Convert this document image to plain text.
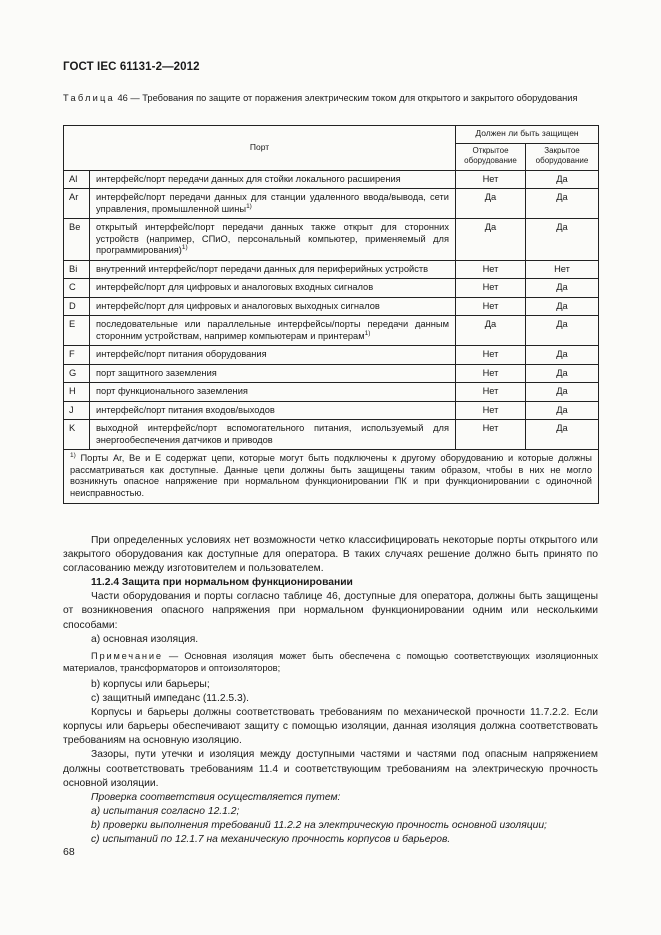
ГОСТ IEC 61131-2—2012
Таблица 46 — Требования по защите от поражения электрическим током для открытого и закрытого оборудования
Порт		Должен ли быть защищен	
		Открытое оборудование	Закрытое оборудование
Al	интерфейс/порт передачи данных для стойки локального расширения	Нет	Да
Ar	интерфейс/порт передачи данных для станции удаленного ввода/вывода, сети управления, промышленной шины$^{1)}$	Да	Да
Be	открытый интерфейс/порт передачи данных также открыт для сторонних устройств (например, СПиО, персональный компьютер, применяемый для программирования)$^{1)}$	Да	Да
Bi	внутренний интерфейс/порт передачи данных для периферийных устройств	Нет	Нет
C	интерфейс/порт для цифровых и аналоговых входных сигналов	Нет	Да
D	интерфейс/порт для цифровых и аналоговых выходных сигналов	Нет	Да
E	последовательные или параллельные интерфейсы/порты передачи данным сторонним устройствам, например компьютерам и принтерам$^{1)}$	Да	Да
F	интерфейс/порт питания оборудования	Нет	Да
G	порт защитного заземления	Нет	Да
H	порт функционального заземления	Нет	Да
J	интерфейс/порт питания входов/выходов	Нет	Да
K	выходной интерфейс/порт вспомогательного питания, используемый для энергообеспечения датчиков и приводов	Нет	Да
$^{1)}$ Порты Ar, Be и E содержат цепи, которые могут быть подключены к другому оборудованию и которые должны рассматриваться как доступные. Данные цепи должны быть защищены таким образом, чтобы в них не могло возникнуть опасное напряжение при нормальном функционировании ПК и при функционировании с одиночной неисправностью.			

При определенных условиях нет возможности четко классифицировать некоторые порты открытого или закрытого оборудования как доступные для оператора. В таких случаях решение должно быть принято по согласованию между изготовителем и пользователем.

11.2.4 Защита при нормальном функционировании

Части оборудования и порты согласно таблице 46, доступные для оператора, должны быть защищены от возникновения опасного напряжения при нормальном функционировании одним или несколькими способами:

а) основная изоляция.

Примечание — Основная изоляция может быть обеспечена с помощью соответствующих изоляционных материалов, трансформаторов и оптоизоляторов;

b) корпусы или барьеры;

с) защитный импеданс (11.2.5.3).

Корпусы и барьеры должны соответствовать требованиям по механической прочности 11.7.2.2. Если корпусы или барьеры обеспечивают защиту с помощью изоляции, данная изоляция должна соответствовать требованиям на основную изоляцию.

Зазоры, пути утечки и изоляция между доступными частями и частями под опасным напряжением должны соответствовать требованиям 11.4 и соответствующим требованиям на электрическую прочность основной изоляции.

Проверка соответствия осуществляется путем:

а) испытания согласно 12.1.2;

b) проверки выполнения требований 11.2.2 на электрическую прочность основной изоляции;

с) испытаний по 12.1.7 на механическую прочность корпусов и барьеров.

68
